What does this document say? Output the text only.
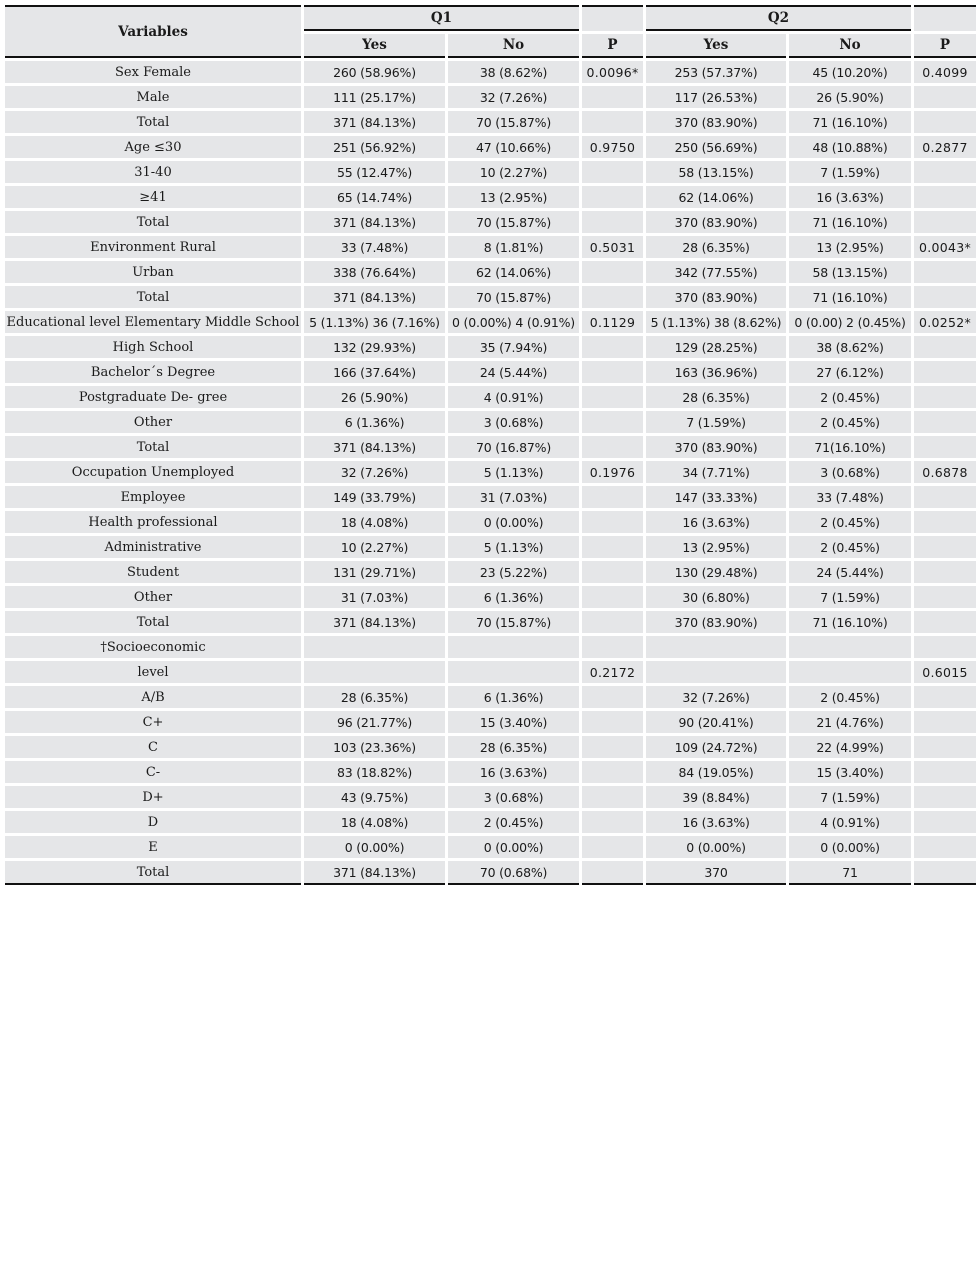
Variables	Q1			Q2		
	Yes	No	P	Yes	No	P
Sex Female	260 (58.96%)	38 (8.62%)	0.0096*	253 (57.37%)	45 (10.20%)	0.4099
Male	111 (25.17%)	32 (7.26%)		117 (26.53%)	26 (5.90%)	
Total	371 (84.13%)	70 (15.87%)		370 (83.90%)	71 (16.10%)	
Age ≤30	251 (56.92%)	47 (10.66%)	0.9750	250 (56.69%)	48 (10.88%)	0.2877
31-40	55 (12.47%)	10 (2.27%)		58 (13.15%)	7 (1.59%)	
≥41	65 (14.74%)	13 (2.95%)		62 (14.06%)	16 (3.63%)	
Total	371 (84.13%)	70 (15.87%)		370 (83.90%)	71 (16.10%)	
Environment Rural	33 (7.48%)	8 (1.81%)	0.5031	28 (6.35%)	13 (2.95%)	0.0043*
Urban	338 (76.64%)	62 (14.06%)		342 (77.55%)	58 (13.15%)	
Total	371 (84.13%)	70 (15.87%)		370 (83.90%)	71 (16.10%)	
Educational level Elementary Middle School	5 (1.13%) 36 (7.16%)	0 (0.00%) 4 (0.91%)	0.1129	5 (1.13%) 38 (8.62%)	0 (0.00) 2 (0.45%)	0.0252*
High School	132 (29.93%)	35 (7.94%)		129 (28.25%)	38 (8.62%)	
Bachelor´s Degree	166 (37.64%)	24 (5.44%)		163 (36.96%)	27 (6.12%)	
Postgraduate De- gree	26 (5.90%)	4 (0.91%)		28 (6.35%)	2 (0.45%)	
Other	6 (1.36%)	3 (0.68%)		7 (1.59%)	2 (0.45%)	
Total	371 (84.13%)	70 (16.87%)		370 (83.90%)	71(16.10%)	
Occupation Unemployed	32 (7.26%)	5 (1.13%)	0.1976	34 (7.71%)	3 (0.68%)	0.6878
Employee	149 (33.79%)	31 (7.03%)		147 (33.33%)	33 (7.48%)	
Health professional	18 (4.08%)	0 (0.00%)		16 (3.63%)	2 (0.45%)	
Administrative	10 (2.27%)	5 (1.13%)		13 (2.95%)	2 (0.45%)	
Student	131 (29.71%)	23 (5.22%)		130 (29.48%)	24 (5.44%)	
Other	31 (7.03%)	6 (1.36%)		30 (6.80%)	7 (1.59%)	
Total	371 (84.13%)	70 (15.87%)		370 (83.90%)	71 (16.10%)	
†Socioeconomic						
level			0.2172			0.6015
A/B	28 (6.35%)	6 (1.36%)		32 (7.26%)	2 (0.45%)	
C+	96 (21.77%)	15 (3.40%)		90 (20.41%)	21 (4.76%)	
C	103 (23.36%)	28 (6.35%)		109 (24.72%)	22 (4.99%)	
C-	83 (18.82%)	16 (3.63%)		84 (19.05%)	15 (3.40%)	
D+	43 (9.75%)	3 (0.68%)		39 (8.84%)	7 (1.59%)	
D	18 (4.08%)	2 (0.45%)		16 (3.63%)	4 (0.91%)	
E	0 (0.00%)	0 (0.00%)		0 (0.00%)	0 (0.00%)	
Total	371 (84.13%)	70 (0.68%)		370	71	
